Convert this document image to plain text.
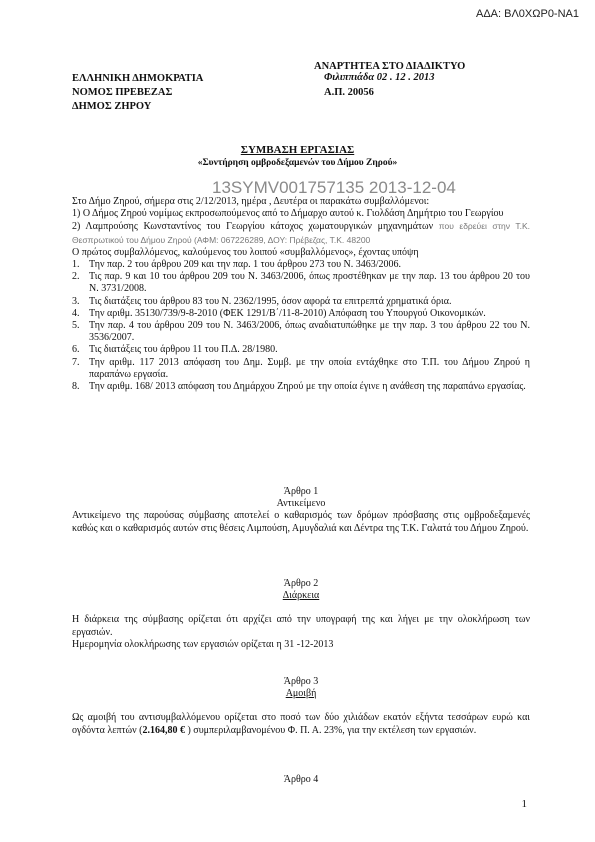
ΑΔΑ: ΒΛ0ΧΩΡ0-ΝΑ1
ΑΝΑΡΤΗΤΕΑ ΣΤΟ ΔΙΑΔΙΚΤΥΟ
ΕΛΛΗΝΙΚΗ ΔΗΜΟΚΡΑΤΙΑ	Φιλιππιάδα 02 . 12 . 2013
ΝΟΜΟΣ ΠΡΕΒΕΖΑΣ	Α.Π. 20056
ΔΗΜΟΣ ΖΗΡΟΥ
ΣΥΜΒΑΣΗ ΕΡΓΑΣΙΑΣ
«Συντήρηση ομβροδεξαμενών του Δήμου Ζηρού»
13SYMV001757135 2013-12-04

Στο Δήμο Ζηρού, σήμερα στις 2/12/2013, ημέρα , Δευτέρα οι παρακάτω συμβαλλόμενοι:

1) Ο Δήμος Ζηρού νομίμως εκπροσωπούμενος από το Δήμαρχο αυτού κ. Γιολδάση Δημήτριο του Γεωργίου

2) Λαμπρούσης Κωνσταντίνος του Γεωργίου κάτοχος χωματουργικών μηχανημάτων που εδρεύει στην Τ.Κ. Θεσπρωτικού του Δήμου Ζηρού (ΑΦΜ: 067226289, ΔΟΥ: Πρέβεζας, Τ.Κ. 48200

Ο πρώτος συμβαλλόμενος, καλούμενος του λοιπού «συμβαλλόμενος», έχοντας υπόψη

1. Την παρ. 2 του άρθρου 209 και την παρ. 1 του άρθρου 273 του Ν. 3463/2006.
2. Τις παρ. 9 και 10 του άρθρου 209 του Ν. 3463/2006, όπως προστέθηκαν με την παρ. 13 του άρθρου 20 του Ν. 3731/2008.
3. Τις διατάξεις του άρθρου 83 του Ν. 2362/1995, όσον αφορά τα επιτρεπτά χρηματικά όρια.
4. Την αριθμ. 35130/739/9-8-2010 (ΦΕΚ 1291/Β΄/11-8-2010) Απόφαση του Υπουργού Οικονομικών.
5. Την παρ. 4 του άρθρου 209 του Ν. 3463/2006, όπως αναδιατυπώθηκε με την παρ. 3 του άρθρου 22 του Ν. 3536/2007.
6. Τις διατάξεις του άρθρου 11 του Π.Δ. 28/1980.
7. Την αριθμ. 117 2013 απόφαση του Δημ. Συμβ. με την οποία εντάχθηκε στο Τ.Π. του Δήμου Ζηρού η παραπάνω εργασία.
8. Την αριθμ. 168/ 2013 απόφαση του Δημάρχου Ζηρού με την οποία έγινε η ανάθεση της παραπάνω εργασίας.
Άρθρο 1
Αντικείμενο

Αντικείμενο της παρούσας σύμβασης αποτελεί ο καθαρισμός των δρόμων πρόσβασης στις ομβροδεξαμενές καθώς και ο καθαρισμός αυτών στις θέσεις Λιμπούση, Αμυγδαλιά και Δέντρα της Τ.Κ. Γαλατά του Δήμου Ζηρού.

Άρθρο 2
Διάρκεια

Η διάρκεια της σύμβασης ορίζεται ότι αρχίζει από την υπογραφή της και λήγει με την ολοκλήρωση των εργασιών.

Ημερομηνία ολοκλήρωσης των εργασιών ορίζεται η 31 -12-2013

Άρθρο 3
Αμοιβή

Ως αμοιβή του αντισυμβαλλόμενου ορίζεται στο ποσό των δύο χιλιάδων εκατόν εξήντα τεσσάρων ευρώ και ογδόντα λεπτών (2.164,80 € ) συμπεριλαμβανομένου Φ. Π. Α. 23%, για την εκτέλεση των εργασιών.

Άρθρο 4
1
